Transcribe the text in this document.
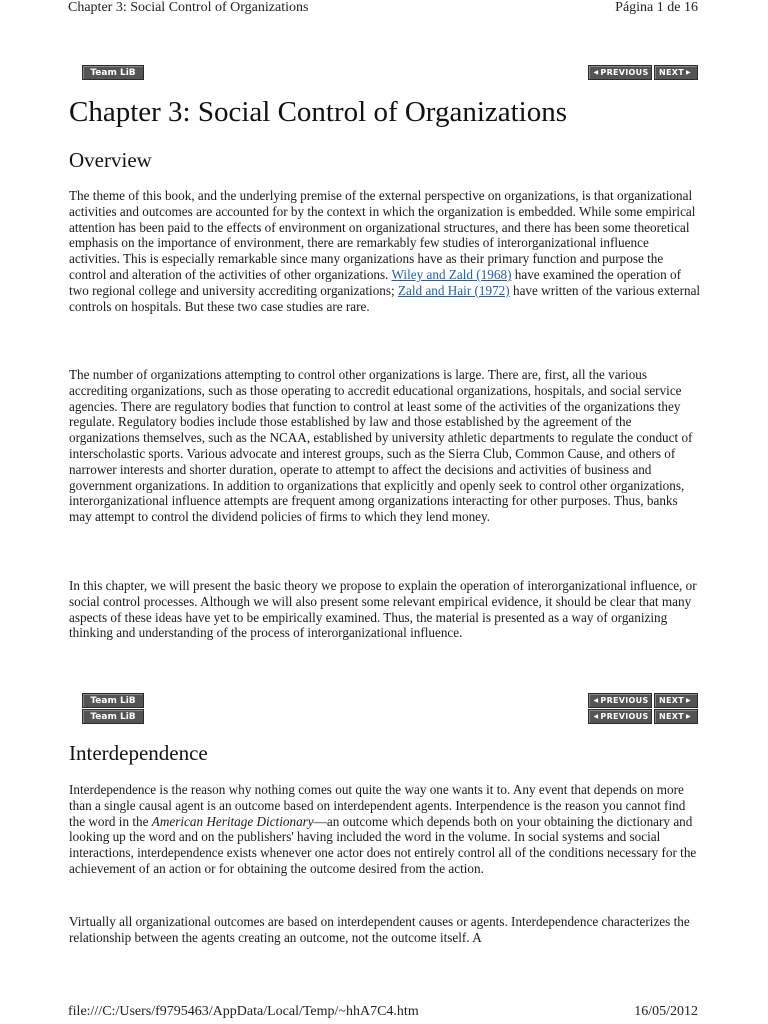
Chapter 3: Social Control of Organizations	Página 1 de 16
Team LiB	◀ PREVIOUS NEXT ▶
Chapter 3: Social Control of Organizations
Overview

The theme of this book, and the underlying premise of the external perspective on organizations, is that organizational activities and outcomes are accounted for by the context in which the organization is embedded. While some empirical attention has been paid to the effects of environment on organizational structures, and there has been some theoretical emphasis on the importance of environment, there are remarkably few studies of interorganizational influence activities. This is especially remarkable since many organizations have as their primary function and purpose the control and alteration of the activities of other organizations. Wiley and Zald (1968) have examined the operation of two regional college and university accrediting organizations; Zald and Hair (1972) have written of the various external controls on hospitals. But these two case studies are rare.

The number of organizations attempting to control other organizations is large. There are, first, all the various accrediting organizations, such as those operating to accredit educational organizations, hospitals, and social service agencies. There are regulatory bodies that function to control at least some of the activities of the organizations they regulate. Regulatory bodies include those established by law and those established by the agreement of the organizations themselves, such as the NCAA, established by university athletic departments to regulate the conduct of interscholastic sports. Various advocate and interest groups, such as the Sierra Club, Common Cause, and others of narrower interests and shorter duration, operate to attempt to affect the decisions and activities of business and government organizations. In addition to organizations that explicitly and openly seek to control other organizations, interorganizational influence attempts are frequent among organizations interacting for other purposes. Thus, banks may attempt to control the dividend policies of firms to which they lend money.

In this chapter, we will present the basic theory we propose to explain the operation of interorganizational influence, or social control processes. Although we will also present some relevant empirical evidence, it should be clear that many aspects of these ideas have yet to be empirically examined. Thus, the material is presented as a way of organizing thinking and understanding of the process of interorganizational influence.

Team LiB	◀ PREVIOUS NEXT ▶
Team LiB	◀ PREVIOUS NEXT ▶
Interdependence

Interdependence is the reason why nothing comes out quite the way one wants it to. Any event that depends on more than a single causal agent is an outcome based on interdependent agents. Interpendence is the reason you cannot find the word in the American Heritage Dictionary—an outcome which depends both on your obtaining the dictionary and looking up the word and on the publishers' having included the word in the volume. In social systems and social interactions, interdependence exists whenever one actor does not entirely control all of the conditions necessary for the achievement of an action or for obtaining the outcome desired from the action.

Virtually all organizational outcomes are based on interdependent causes or agents. Interdependence characterizes the relationship between the agents creating an outcome, not the outcome itself. A

file:///C:/Users/f9795463/AppData/Local/Temp/~hhA7C4.htm	16/05/2012
